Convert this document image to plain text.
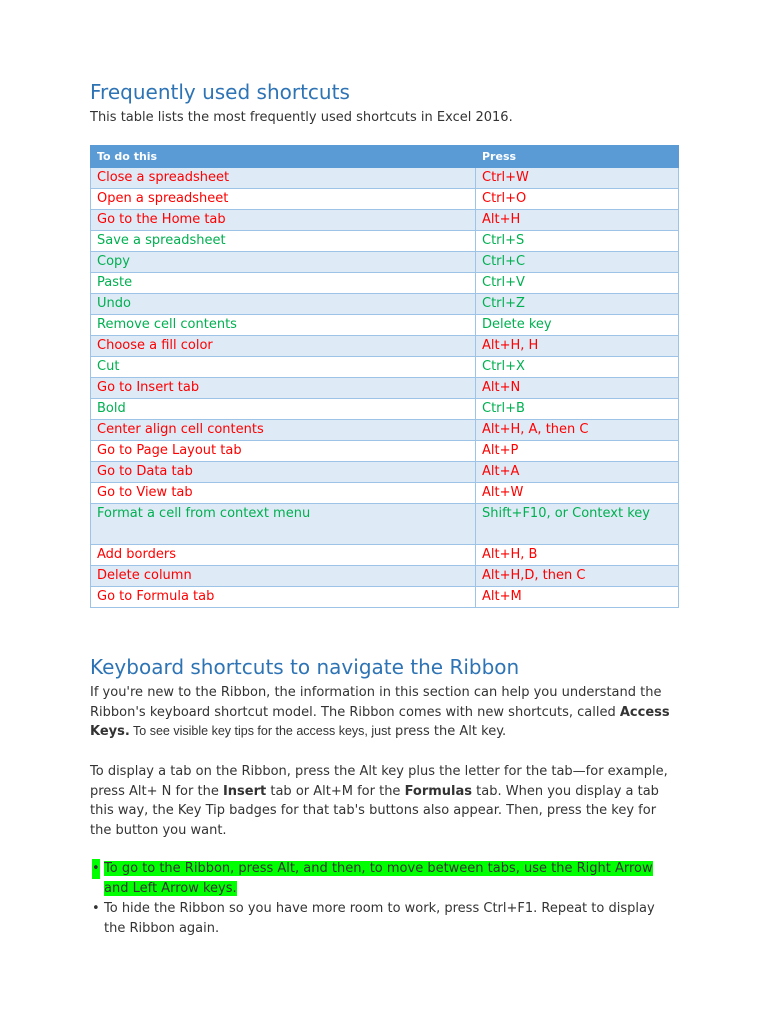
Frequently used shortcuts

This table lists the most frequently used shortcuts in Excel 2016.

To do this	Press
Close a spreadsheet	Ctrl+W
Open a spreadsheet	Ctrl+O
Go to the Home tab	Alt+H
Save a spreadsheet	Ctrl+S
Copy	Ctrl+C
Paste	Ctrl+V
Undo	Ctrl+Z
Remove cell contents	Delete key
Choose a fill color	Alt+H, H
Cut	Ctrl+X
Go to Insert tab	Alt+N
Bold	Ctrl+B
Center align cell contents	Alt+H, A, then C
Go to Page Layout tab	Alt+P
Go to Data tab	Alt+A
Go to View tab	Alt+W
Format a cell from context menu	Shift+F10, or Context key
Add borders	Alt+H, B
Delete column	Alt+H,D, then C
Go to Formula tab	Alt+M
Keyboard shortcuts to navigate the Ribbon

If you're new to the Ribbon, the information in this section can help you understand the Ribbon's keyboard shortcut model. The Ribbon comes with new shortcuts, called Access Keys. To see visible key tips for the access keys, just press the Alt key.

To display a tab on the Ribbon, press the Alt key plus the letter for the tab—for example, press Alt+ N for the Insert tab or Alt+M for the Formulas tab. When you display a tab this way, the Key Tip badges for that tab's buttons also appear. Then, press the key for the button you want.

• To go to the Ribbon, press Alt, and then, to move between tabs, use the Right Arrow and Left Arrow keys.
• To hide the Ribbon so you have more room to work, press Ctrl+F1. Repeat to display the Ribbon again.
